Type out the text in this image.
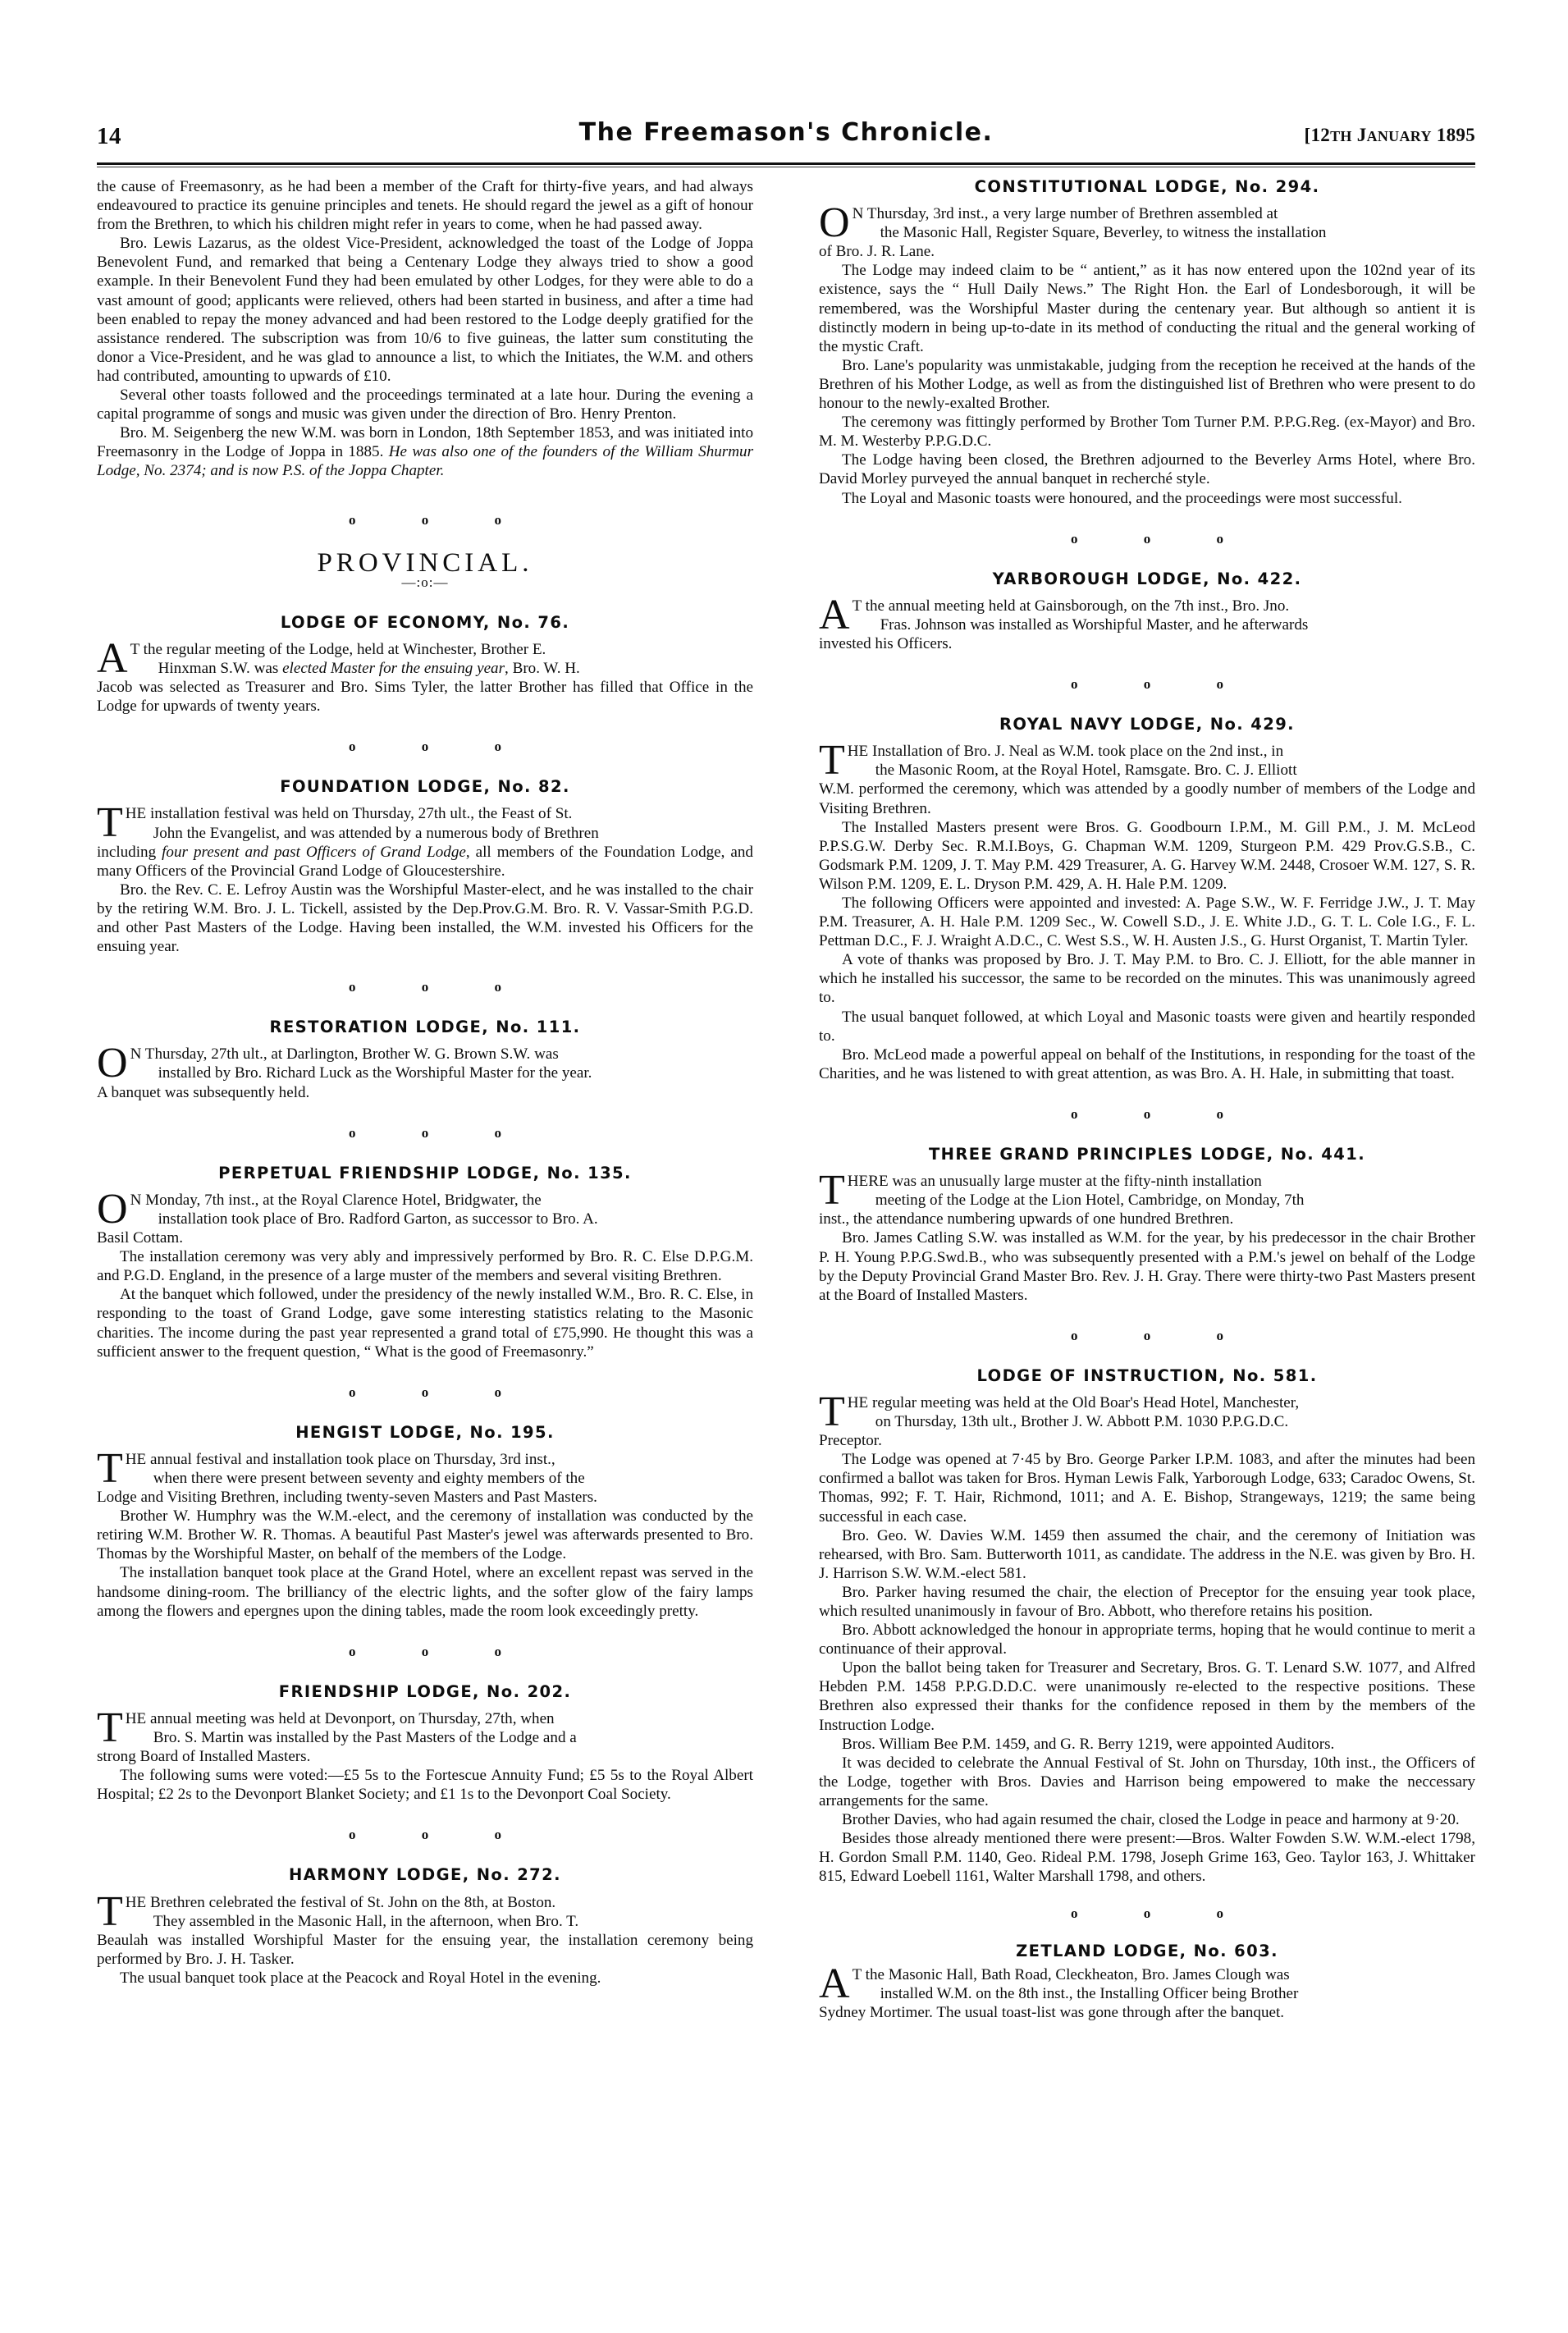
14	The Freemason's Chronicle.	[12TH JANUARY 1895

the cause of Freemasonry, as he had been a member of the Craft for thirty-five years, and had always endeavoured to practice its genuine principles and tenets. He should regard the jewel as a gift of honour from the Brethren, to which his children might refer in years to come, when he had passed away.

Bro. Lewis Lazarus, as the oldest Vice-President, acknowledged the toast of the Lodge of Joppa Benevolent Fund, and remarked that being a Centenary Lodge they always tried to show a good example. In their Benevolent Fund they had been emulated by other Lodges, for they were able to do a vast amount of good; applicants were relieved, others had been started in business, and after a time had been enabled to repay the money advanced and had been restored to the Lodge deeply gratified for the assistance rendered. The subscription was from 10/6 to five guineas, the latter sum constituting the donor a Vice-President, and he was glad to announce a list, to which the Initiates, the W.M. and others had contributed, amounting to upwards of £10.

Several other toasts followed and the proceedings terminated at a late hour. During the evening a capital programme of songs and music was given under the direction of Bro. Henry Prenton.

Bro. M. Seigenberg the new W.M. was born in London, 18th September 1853, and was initiated into Freemasonry in the Lodge of Joppa in 1885. He was also one of the founders of the William Shurmur Lodge, No. 2374; and is now P.S. of the Joppa Chapter.

o o o
PROVINCIAL.
—:o:—
LODGE OF ECONOMY, No. 76.
A T the regular meeting of the Lodge, held at Winchester, Brother E.

Hinxman S.W. was elected Master for the ensuing year, Bro. W. H.

Jacob was selected as Treasurer and Bro. Sims Tyler, the latter Brother has filled that Office in the Lodge for upwards of twenty years.

o o o
FOUNDATION LODGE, No. 82.
T HE installation festival was held on Thursday, 27th ult., the Feast of St.

John the Evangelist, and was attended by a numerous body of Brethren

including four present and past Officers of Grand Lodge, all members of the Foundation Lodge, and many Officers of the Provincial Grand Lodge of Gloucestershire.

Bro. the Rev. C. E. Lefroy Austin was the Worshipful Master-elect, and he was installed to the chair by the retiring W.M. Bro. J. L. Tickell, assisted by the Dep.Prov.G.M. Bro. R. V. Vassar-Smith P.G.D. and other Past Masters of the Lodge. Having been installed, the W.M. invested his Officers for the ensuing year.

o o o
RESTORATION LODGE, No. 111.
O N Thursday, 27th ult., at Darlington, Brother W. G. Brown S.W. was

installed by Bro. Richard Luck as the Worshipful Master for the year.

A banquet was subsequently held.

o o o
PERPETUAL FRIENDSHIP LODGE, No. 135.
O N Monday, 7th inst., at the Royal Clarence Hotel, Bridgwater, the

installation took place of Bro. Radford Garton, as successor to Bro. A.

Basil Cottam.

The installation ceremony was very ably and impressively performed by Bro. R. C. Else D.P.G.M. and P.G.D. England, in the presence of a large muster of the members and several visiting Brethren.

At the banquet which followed, under the presidency of the newly installed W.M., Bro. R. C. Else, in responding to the toast of Grand Lodge, gave some interesting statistics relating to the Masonic charities. The income during the past year represented a grand total of £75,990. He thought this was a sufficient answer to the frequent question, “ What is the good of Freemasonry.”

o o o
HENGIST LODGE, No. 195.
T HE annual festival and installation took place on Thursday, 3rd inst.,

when there were present between seventy and eighty members of the

Lodge and Visiting Brethren, including twenty-seven Masters and Past Masters.

Brother W. Humphry was the W.M.-elect, and the ceremony of installation was conducted by the retiring W.M. Brother W. R. Thomas. A beautiful Past Master's jewel was afterwards presented to Bro. Thomas by the Worshipful Master, on behalf of the members of the Lodge.

The installation banquet took place at the Grand Hotel, where an excellent repast was served in the handsome dining-room. The brilliancy of the electric lights, and the softer glow of the fairy lamps among the flowers and epergnes upon the dining tables, made the room look exceedingly pretty.

o o o
FRIENDSHIP LODGE, No. 202.
T HE annual meeting was held at Devonport, on Thursday, 27th, when

Bro. S. Martin was installed by the Past Masters of the Lodge and a

strong Board of Installed Masters.

The following sums were voted:—£5 5s to the Fortescue Annuity Fund; £5 5s to the Royal Albert Hospital; £2 2s to the Devonport Blanket Society; and £1 1s to the Devonport Coal Society.

o o o
HARMONY LODGE, No. 272.
T HE Brethren celebrated the festival of St. John on the 8th, at Boston.

They assembled in the Masonic Hall, in the afternoon, when Bro. T.

Beaulah was installed Worshipful Master for the ensuing year, the installation ceremony being performed by Bro. J. H. Tasker.

The usual banquet took place at the Peacock and Royal Hotel in the evening.

CONSTITUTIONAL LODGE, No. 294.
O N Thursday, 3rd inst., a very large number of Brethren assembled at

the Masonic Hall, Register Square, Beverley, to witness the installation

of Bro. J. R. Lane.

The Lodge may indeed claim to be “ antient,” as it has now entered upon the 102nd year of its existence, says the “ Hull Daily News.” The Right Hon. the Earl of Londesborough, it will be remembered, was the Worshipful Master during the centenary year. But although so antient it is distinctly modern in being up-to-date in its method of conducting the ritual and the general working of the mystic Craft.

Bro. Lane's popularity was unmistakable, judging from the reception he received at the hands of the Brethren of his Mother Lodge, as well as from the distinguished list of Brethren who were present to do honour to the newly-exalted Brother.

The ceremony was fittingly performed by Brother Tom Turner P.M. P.P.G.Reg. (ex-Mayor) and Bro. M. M. Westerby P.P.G.D.C.

The Lodge having been closed, the Brethren adjourned to the Beverley Arms Hotel, where Bro. David Morley purveyed the annual banquet in recherché style.

The Loyal and Masonic toasts were honoured, and the proceedings were most successful.

o o o
YARBOROUGH LODGE, No. 422.
A T the annual meeting held at Gainsborough, on the 7th inst., Bro. Jno.

Fras. Johnson was installed as Worshipful Master, and he afterwards

invested his Officers.

o o o
ROYAL NAVY LODGE, No. 429.
T HE Installation of Bro. J. Neal as W.M. took place on the 2nd inst., in

the Masonic Room, at the Royal Hotel, Ramsgate. Bro. C. J. Elliott

W.M. performed the ceremony, which was attended by a goodly number of members of the Lodge and Visiting Brethren.

The Installed Masters present were Bros. G. Goodbourn I.P.M., M. Gill P.M., J. M. McLeod P.P.S.G.W. Derby Sec. R.M.I.Boys, G. Chapman W.M. 1209, Sturgeon P.M. 429 Prov.G.S.B., C. Godsmark P.M. 1209, J. T. May P.M. 429 Treasurer, A. G. Harvey W.M. 2448, Crosoer W.M. 127, S. R. Wilson P.M. 1209, E. L. Dryson P.M. 429, A. H. Hale P.M. 1209.

The following Officers were appointed and invested: A. Page S.W., W. F. Ferridge J.W., J. T. May P.M. Treasurer, A. H. Hale P.M. 1209 Sec., W. Cowell S.D., J. E. White J.D., G. T. L. Cole I.G., F. L. Pettman D.C., F. J. Wraight A.D.C., C. West S.S., W. H. Austen J.S., G. Hurst Organist, T. Martin Tyler.

A vote of thanks was proposed by Bro. J. T. May P.M. to Bro. C. J. Elliott, for the able manner in which he installed his successor, the same to be recorded on the minutes. This was unanimously agreed to.

The usual banquet followed, at which Loyal and Masonic toasts were given and heartily responded to.

Bro. McLeod made a powerful appeal on behalf of the Institutions, in responding for the toast of the Charities, and he was listened to with great attention, as was Bro. A. H. Hale, in submitting that toast.

o o o
THREE GRAND PRINCIPLES LODGE, No. 441.
T HERE was an unusually large muster at the fifty-ninth installation

meeting of the Lodge at the Lion Hotel, Cambridge, on Monday, 7th

inst., the attendance numbering upwards of one hundred Brethren.

Bro. James Catling S.W. was installed as W.M. for the year, by his predecessor in the chair Brother P. H. Young P.P.G.Swd.B., who was subsequently presented with a P.M.'s jewel on behalf of the Lodge by the Deputy Provincial Grand Master Bro. Rev. J. H. Gray. There were thirty-two Past Masters present at the Board of Installed Masters.

o o o
LODGE OF INSTRUCTION, No. 581.
T HE regular meeting was held at the Old Boar's Head Hotel, Manchester,

on Thursday, 13th ult., Brother J. W. Abbott P.M. 1030 P.P.G.D.C.

Preceptor.

The Lodge was opened at 7·45 by Bro. George Parker I.P.M. 1083, and after the minutes had been confirmed a ballot was taken for Bros. Hyman Lewis Falk, Yarborough Lodge, 633; Caradoc Owens, St. Thomas, 992; F. T. Hair, Richmond, 1011; and A. E. Bishop, Strangeways, 1219; the same being successful in each case.

Bro. Geo. W. Davies W.M. 1459 then assumed the chair, and the ceremony of Initiation was rehearsed, with Bro. Sam. Butterworth 1011, as candidate. The address in the N.E. was given by Bro. H. J. Harrison S.W. W.M.-elect 581.

Bro. Parker having resumed the chair, the election of Preceptor for the ensuing year took place, which resulted unanimously in favour of Bro. Abbott, who therefore retains his position.

Bro. Abbott acknowledged the honour in appropriate terms, hoping that he would continue to merit a continuance of their approval.

Upon the ballot being taken for Treasurer and Secretary, Bros. G. T. Lenard S.W. 1077, and Alfred Hebden P.M. 1458 P.P.G.D.D.C. were unanimously re-elected to the respective positions. These Brethren also expressed their thanks for the confidence reposed in them by the members of the Instruction Lodge.

Bros. William Bee P.M. 1459, and G. R. Berry 1219, were appointed Auditors.

It was decided to celebrate the Annual Festival of St. John on Thursday, 10th inst., the Officers of the Lodge, together with Bros. Davies and Harrison being empowered to make the neccessary arrangements for the same.

Brother Davies, who had again resumed the chair, closed the Lodge in peace and harmony at 9·20.

Besides those already mentioned there were present:—Bros. Walter Fowden S.W. W.M.-elect 1798, H. Gordon Small P.M. 1140, Geo. Rideal P.M. 1798, Joseph Grime 163, Geo. Taylor 163, J. Whittaker 815, Edward Loebell 1161, Walter Marshall 1798, and others.

o o o
ZETLAND LODGE, No. 603.
A T the Masonic Hall, Bath Road, Cleckheaton, Bro. James Clough was

installed W.M. on the 8th inst., the Installing Officer being Brother

Sydney Mortimer. The usual toast-list was gone through after the banquet.
